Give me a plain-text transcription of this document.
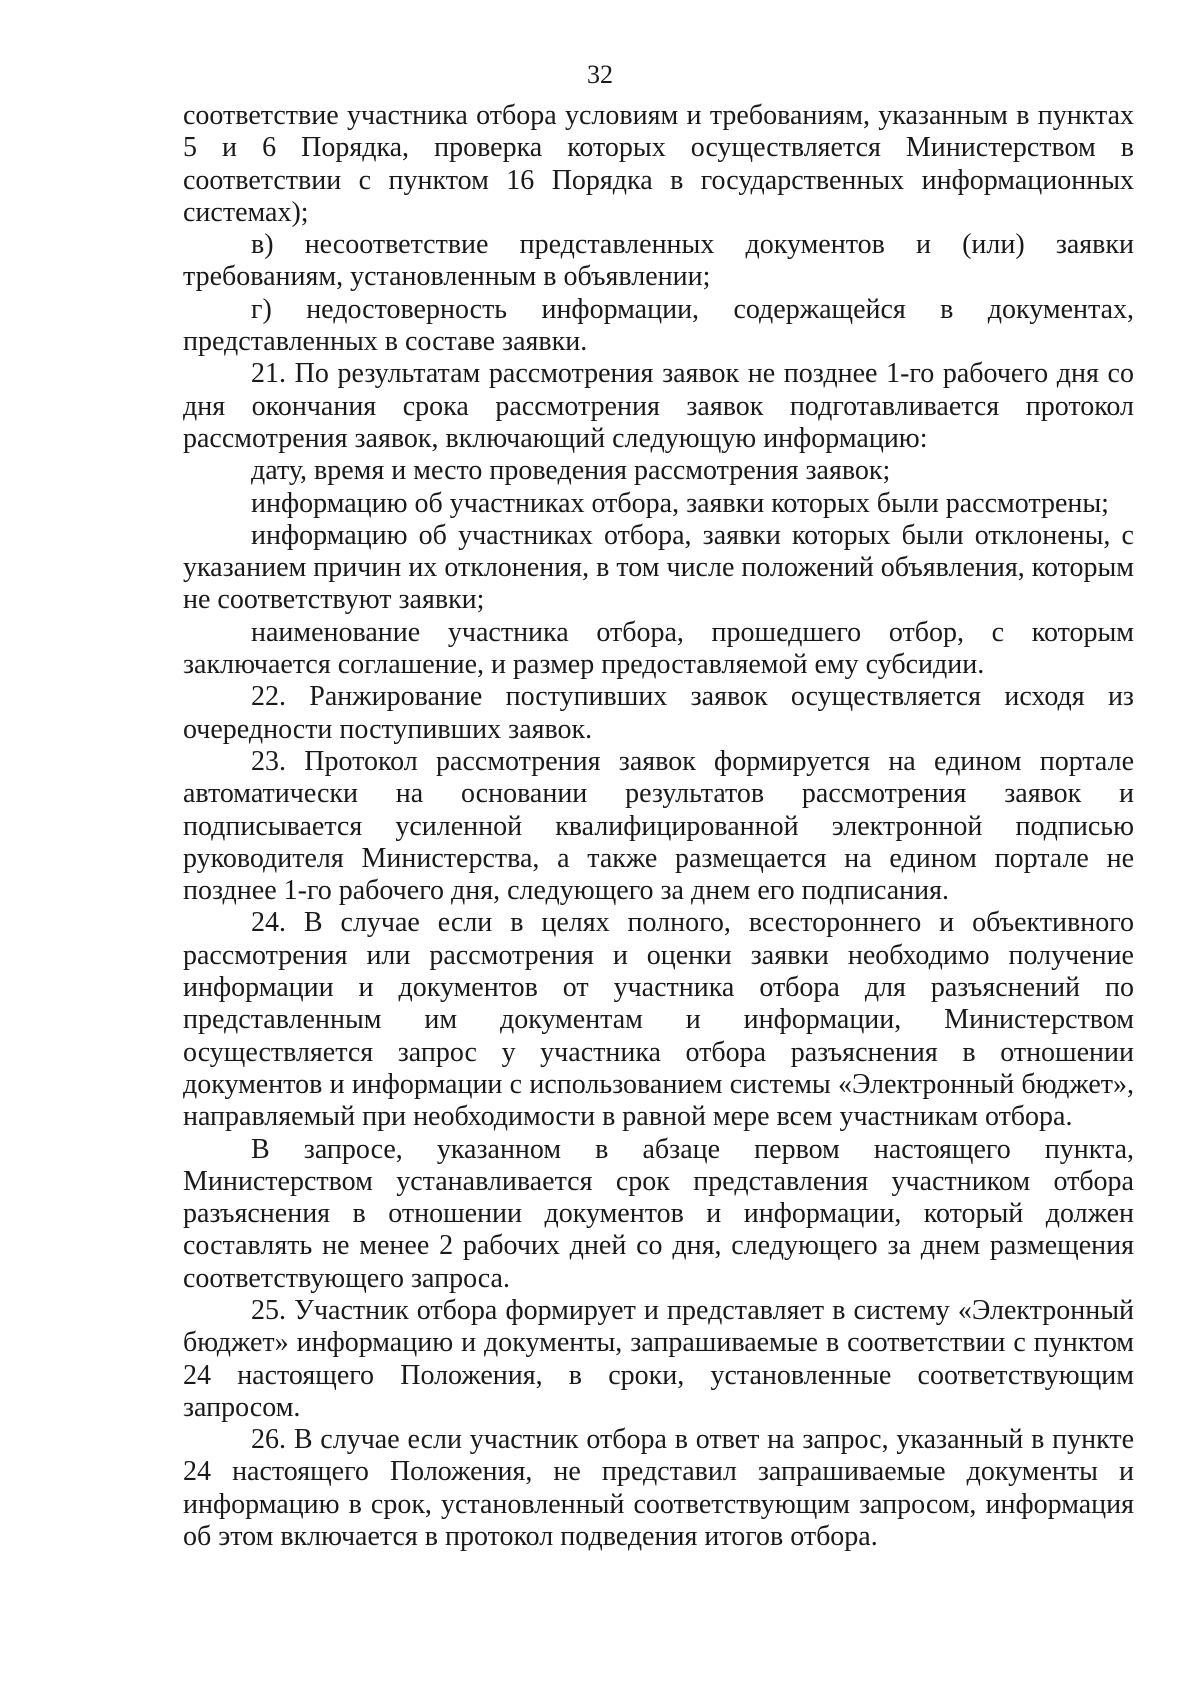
32

соответствие участника отбора условиям и требованиям, указанным в пунктах 5 и 6 Порядка, проверка которых осуществляется Министерством в соответствии с пунктом 16 Порядка в государственных информационных системах);

в) несоответствие представленных документов и (или) заявки требованиям, установленным в объявлении;

г) недостоверность информации, содержащейся в документах, представленных в составе заявки.

21. По результатам рассмотрения заявок не позднее 1-го рабочего дня со дня окончания срока рассмотрения заявок подготавливается протокол рассмотрения заявок, включающий следующую информацию:

дату, время и место проведения рассмотрения заявок;

информацию об участниках отбора, заявки которых были рассмотрены;

информацию об участниках отбора, заявки которых были отклонены, с указанием причин их отклонения, в том числе положений объявления, которым не соответствуют заявки;

наименование участника отбора, прошедшего отбор, с которым заключается соглашение, и размер предоставляемой ему субсидии.

22. Ранжирование поступивших заявок осуществляется исходя из очередности поступивших заявок.

23. Протокол рассмотрения заявок формируется на едином портале автоматически на основании результатов рассмотрения заявок и подписывается усиленной квалифицированной электронной подписью руководителя Министерства, а также размещается на едином портале не позднее 1-го рабочего дня, следующего за днем его подписания.

24. В случае если в целях полного, всестороннего и объективного рассмотрения или рассмотрения и оценки заявки необходимо получение информации и документов от участника отбора для разъяснений по представленным им документам и информации, Министерством осуществляется запрос у участника отбора разъяснения в отношении документов и информации с использованием системы «Электронный бюджет», направляемый при необходимости в равной мере всем участникам отбора.

В запросе, указанном в абзаце первом настоящего пункта, Министерством устанавливается срок представления участником отбора разъяснения в отношении документов и информации, который должен составлять не менее 2 рабочих дней со дня, следующего за днем размещения соответствующего запроса.

25. Участник отбора формирует и представляет в систему «Электронный бюджет» информацию и документы, запрашиваемые в соответствии с пунктом 24 настоящего Положения, в сроки, установленные соответствующим запросом.

26. В случае если участник отбора в ответ на запрос, указанный в пункте 24 настоящего Положения, не представил запрашиваемые документы и информацию в срок, установленный соответствующим запросом, информация об этом включается в протокол подведения итогов отбора.
